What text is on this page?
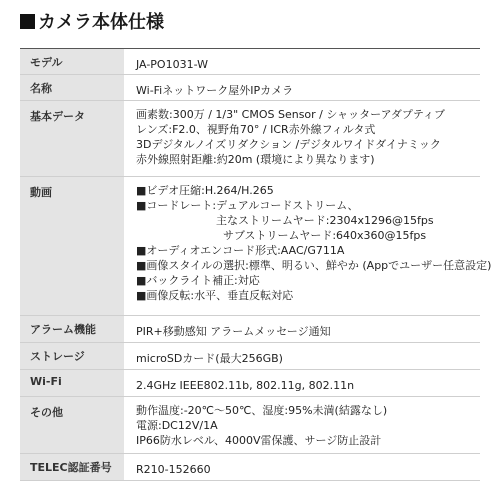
カメラ本体仕様
モデル	JA-PO1031-W
名称	Wi-Fiネットワーク屋外IPカメラ
基本データ	画素数:300万 / 1/3" CMOS Sensor / シャッターアダプティブ
レンズ:F2.0、視野角70° / ICR赤外線フィルタ式
3Dデジタルノイズリダクション /デジタルワイドダイナミック
赤外線照射距離:約20m (環境により異なります)
動画	■ビデオ圧縮:H.264/H.265
■コードレート:デュアルコードストリーム、
主なストリームヤード:2304x1296@15fps
サブストリームヤード:640x360@15fps
■オーディオエンコード形式:AAC/G711A
■画像スタイルの選択:標準、明るい、鮮やか (Appでユーザー任意設定)
■バックライト補正:対応
■画像反転:水平、垂直反転対応
アラーム機能	PIR+移動感知 アラームメッセージ通知
ストレージ	microSDカード(最大256GB)
Wi-Fi	2.4GHz IEEE802.11b, 802.11g, 802.11n
その他	動作温度:-20℃～50℃、湿度:95%未満(結露なし)
電源:DC12V/1A
IP66防水レベル、4000V雷保護、サージ防止設計
TELEC認証番号	R210-152660
